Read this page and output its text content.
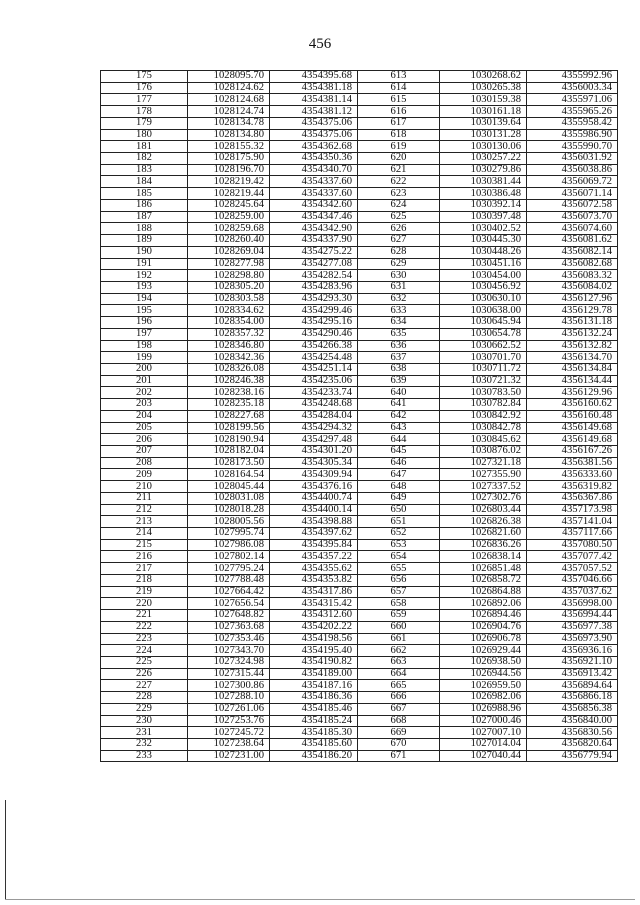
456
175	1028095.70	4354395.68	613	1030268.62	4355992.96
176	1028124.62	4354381.18	614	1030265.38	4356003.34
177	1028124.68	4354381.14	615	1030159.38	4355971.06
178	1028124.74	4354381.12	616	1030161.18	4355965.26
179	1028134.78	4354375.06	617	1030139.64	4355958.42
180	1028134.80	4354375.06	618	1030131.28	4355986.90
181	1028155.32	4354362.68	619	1030130.06	4355990.70
182	1028175.90	4354350.36	620	1030257.22	4356031.92
183	1028196.70	4354340.70	621	1030279.86	4356038.86
184	1028219.42	4354337.60	622	1030381.44	4356069.72
185	1028219.44	4354337.60	623	1030386.48	4356071.14
186	1028245.64	4354342.60	624	1030392.14	4356072.58
187	1028259.00	4354347.46	625	1030397.48	4356073.70
188	1028259.68	4354342.90	626	1030402.52	4356074.60
189	1028260.40	4354337.90	627	1030445.30	4356081.62
190	1028269.04	4354275.22	628	1030448.26	4356082.14
191	1028277.98	4354277.08	629	1030451.16	4356082.68
192	1028298.80	4354282.54	630	1030454.00	4356083.32
193	1028305.20	4354283.96	631	1030456.92	4356084.02
194	1028303.58	4354293.30	632	1030630.10	4356127.96
195	1028334.62	4354299.46	633	1030638.00	4356129.78
196	1028354.00	4354295.16	634	1030645.94	4356131.18
197	1028357.32	4354290.46	635	1030654.78	4356132.24
198	1028346.80	4354266.38	636	1030662.52	4356132.82
199	1028342.36	4354254.48	637	1030701.70	4356134.70
200	1028326.08	4354251.14	638	1030711.72	4356134.84
201	1028246.38	4354235.06	639	1030721.32	4356134.44
202	1028238.16	4354233.74	640	1030783.50	4356129.96
203	1028235.18	4354248.68	641	1030782.84	4356160.62
204	1028227.68	4354284.04	642	1030842.92	4356160.48
205	1028199.56	4354294.32	643	1030842.78	4356149.68
206	1028190.94	4354297.48	644	1030845.62	4356149.68
207	1028182.04	4354301.20	645	1030876.02	4356167.26
208	1028173.50	4354305.34	646	1027321.18	4356381.56
209	1028164.54	4354309.94	647	1027355.90	4356333.60
210	1028045.44	4354376.16	648	1027337.52	4356319.82
211	1028031.08	4354400.74	649	1027302.76	4356367.86
212	1028018.28	4354400.14	650	1026803.44	4357173.98
213	1028005.56	4354398.88	651	1026826.38	4357141.04
214	1027995.74	4354397.62	652	1026821.60	4357117.66
215	1027986.08	4354395.84	653	1026836.26	4357080.50
216	1027802.14	4354357.22	654	1026838.14	4357077.42
217	1027795.24	4354355.62	655	1026851.48	4357057.52
218	1027788.48	4354353.82	656	1026858.72	4357046.66
219	1027664.42	4354317.86	657	1026864.88	4357037.62
220	1027656.54	4354315.42	658	1026892.06	4356998.00
221	1027648.82	4354312.60	659	1026894.46	4356994.44
222	1027363.68	4354202.22	660	1026904.76	4356977.38
223	1027353.46	4354198.56	661	1026906.78	4356973.90
224	1027343.70	4354195.40	662	1026929.44	4356936.16
225	1027324.98	4354190.82	663	1026938.50	4356921.10
226	1027315.44	4354189.00	664	1026944.56	4356913.42
227	1027300.86	4354187.16	665	1026959.50	4356894.64
228	1027288.10	4354186.36	666	1026982.06	4356866.18
229	1027261.06	4354185.46	667	1026988.96	4356856.38
230	1027253.76	4354185.24	668	1027000.46	4356840.00
231	1027245.72	4354185.30	669	1027007.10	4356830.56
232	1027238.64	4354185.60	670	1027014.04	4356820.64
233	1027231.00	4354186.20	671	1027040.44	4356779.94
